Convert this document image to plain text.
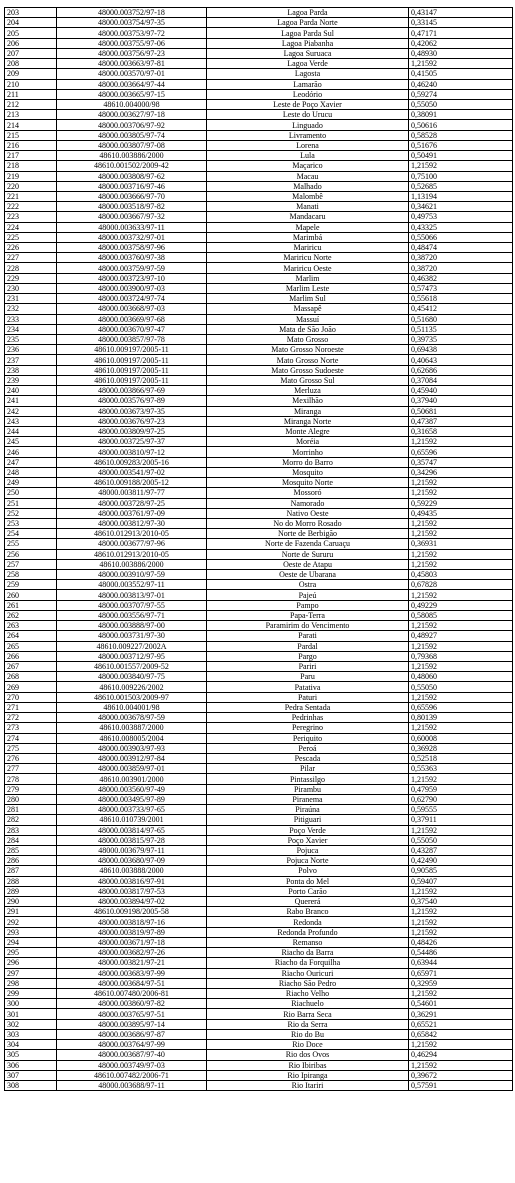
203	48000.003752/97-18	Lagoa Parda	0,43147
204	48000.003754/97-35	Lagoa Parda Norte	0,33145
205	48000.003753/97-72	Lagoa Parda Sul	0,47171
206	48000.003755/97-06	Lagoa Piabanha	0,42062
207	48000.003756/97-23	Lagoa Suruaca	0,48930
208	48000.003663/97-81	Lagoa Verde	1,21592
209	48000.003570/97-01	Lagosta	0,41505
210	48000.003664/97-44	Lamarão	0,46240
211	48000.003665/97-15	Leodório	0,59274
212	48610.004000/98	Leste de Poço Xavier	0,55050
213	48000.003627/97-18	Leste do Urucu	0,38091
214	48000.003706/97-92	Linguado	0,50616
215	48000.003805/97-74	Livramento	0,58528
216	48000.003807/97-08	Lorena	0,51676
217	48610.003886/2000	Lula	0,50491
218	48610.001502/2009-42	Maçarico	1,21592
219	48000.003808/97-62	Macau	0,75100
220	48000.003716/97-46	Malhado	0,52685
221	48000.003666/97-70	Malombê	1,13194
222	48000.003518/97-82	Manati	0,34621
223	48000.003667/97-32	Mandacaru	0,49753
224	48000.003633/97-11	Mapele	0,43325
225	48000.003732/97-01	Marimbá	0,55066
226	48000.003758/97-96	Mariricu	0,48474
227	48000.003760/97-38	Mariricu Norte	0,38720
228	48000.003759/97-59	Mariricu Oeste	0,38720
229	48000.003723/97-10	Marlim	0,46382
230	48000.003900/97-03	Marlim Leste	0,57473
231	48000.003724/97-74	Marlim Sul	0,55618
232	48000.003668/97-03	Massapê	0,45412
233	48000.003669/97-68	Massuí	0,51680
234	48000.003670/97-47	Mata de São João	0,51135
235	48000.003857/97-78	Mato Grosso	0,39735
236	48610.009197/2005-11	Mato Grosso Noroeste	0,69438
237	48610.009197/2005-11	Mato Grosso Norte	0,40643
238	48610.009197/2005-11	Mato Grosso Sudoeste	0,62686
239	48610.009197/2005-11	Mato Grosso Sul	0,37084
240	48000.003866/97-69	Merluza	0,45940
241	48000.003576/97-89	Mexilhão	0,37940
242	48000.003673/97-35	Miranga	0,50681
243	48000.003676/97-23	Miranga Norte	0,47387
244	48000.003809/97-25	Monte Alegre	0,31658
245	48000.003725/97-37	Moréia	1,21592
246	48000.003810/97-12	Morrinho	0,65596
247	48610.009283/2005-16	Morro do Barro	0,35747
248	48000.003541/97-02	Mosquito	0,34296
249	48610.009188/2005-12	Mosquito Norte	1,21592
250	48000.003811/97-77	Mossoró	1,21592
251	48000.003728/97-25	Namorado	0,59229
252	48000.003761/97-09	Nativo Oeste	0,49435
253	48000.003812/97-30	No do Morro Rosado	1,21592
254	48610.012913/2010-05	Norte de Berbigão	1,21592
255	48000.003677/97-96	Norte de Fazenda Caruaçu	0,36931
256	48610.012913/2010-05	Norte de Sururu	1,21592
257	48610.003886/2000	Oeste de Atapu	1,21592
258	48000.003910/97-59	Oeste de Ubarana	0,45803
259	48000.003552/97-11	Ostra	0,67828
260	48000.003813/97-01	Pajeú	1,21592
261	48000.003707/97-55	Pampo	0,49229
262	48000.003556/97-71	Papa-Terra	0,58085
263	48000.003888/97-00	Paramirim do Vencimento	1,21592
264	48000.003731/97-30	Parati	0,48927
265	48610.009227/2002A	Pardal	1,21592
266	48000.003712/97-95	Pargo	0,79368
267	48610.001557/2009-52	Pariri	1,21592
268	48000.003840/97-75	Paru	0,48060
269	48610.009226/2002	Patativa	0,55050
270	48610.001503/2009-97	Paturi	1,21592
271	48610.004001/98	Pedra Sentada	0,65596
272	48000.003678/97-59	Pedrinhas	0,80139
273	48610.003887/2000	Peregrino	1,21592
274	48610.008005/2004	Periquito	0,60008
275	48000.003903/97-93	Peroá	0,36928
276	48000.003912/97-84	Pescada	0,52518
277	48000.003859/97-01	Pilar	0,55363
278	48610.003901/2000	Pintassilgo	1,21592
279	48000.003560/97-49	Pirambu	0,47959
280	48000.003495/97-89	Piranema	0,62790
281	48000.003733/97-65	Piraúna	0,59555
282	48610.010739/2001	Pitiguari	0,37911
283	48000.003814/97-65	Poço Verde	1,21592
284	48000.003815/97-28	Poço Xavier	0,55050
285	48000.003679/97-11	Pojuca	0,43287
286	48000.003680/97-09	Pojuca Norte	0,42490
287	48610.003888/2000	Polvo	0,90585
288	48000.003816/97-91	Ponta do Mel	0,59407
289	48000.003817/97-53	Porto Carão	1,21592
290	48000.003894/97-02	Quererá	0,37540
291	48610.009198/2005-58	Rabo Branco	1,21592
292	48000.003818/97-16	Redonda	1,21592
293	48000.003819/97-89	Redonda Profundo	1,21592
294	48000.003671/97-18	Remanso	0,48426
295	48000.003682/97-26	Riacho da Barra	0,54486
296	48000.003821/97-21	Riacho da Forquilha	0,63944
297	48000.003683/97-99	Riacho Ouricuri	0,65971
298	48000.003684/97-51	Riacho São Pedro	0,32959
299	48610.007480/2006-81	Riacho Velho	1,21592
300	48000.003860/97-82	Riachuelo	0,54601
301	48000.003765/97-51	Rio Barra Seca	0,36291
302	48000.003895/97-14	Rio da Serra	0,65521
303	48000.003686/97-87	Rio do Bu	0,65842
304	48000.003764/97-99	Rio Doce	1,21592
305	48000.003687/97-40	Rio dos Ovos	0,46294
306	48000.003749/97-03	Rio Ibiribas	1,21592
307	48610.007482/2006-71	Rio Ipiranga	0,39672
308	48000.003688/97-11	Rio Itariri	0,57591
